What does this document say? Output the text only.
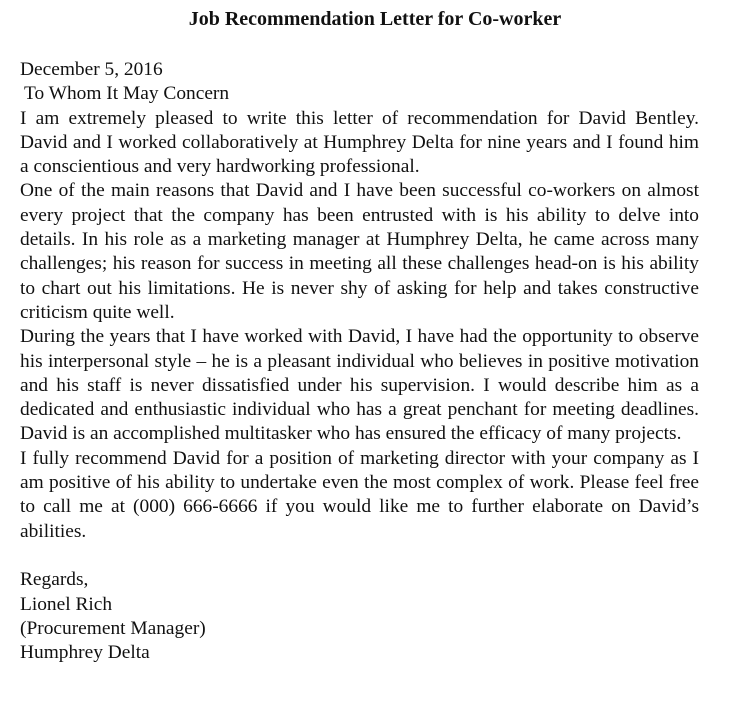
Job Recommendation Letter for Co-worker

December 5, 2016

To Whom It May Concern

I am extremely pleased to write this letter of recommendation for David Bentley. David and I worked collaboratively at Humphrey Delta for nine years and I found him a conscientious and very hardworking professional.

One of the main reasons that David and I have been successful co-workers on almost every project that the company has been entrusted with is his ability to delve into details. In his role as a marketing manager at Humphrey Delta, he came across many challenges; his reason for success in meeting all these challenges head-on is his ability to chart out his limitations. He is never shy of asking for help and takes constructive criticism quite well.

During the years that I have worked with David, I have had the opportunity to observe his interpersonal style – he is a pleasant individual who believes in positive motivation and his staff is never dissatisfied under his supervision. I would describe him as a dedicated and enthusiastic individual who has a great penchant for meeting deadlines. David is an accomplished multitasker who has ensured the efficacy of many projects.

I fully recommend David for a position of marketing director with your company as I am positive of his ability to undertake even the most complex of work. Please feel free to call me at (000) 666-6666 if you would like me to further elaborate on David’s abilities.

Regards,

Lionel Rich

(Procurement Manager)

Humphrey Delta
